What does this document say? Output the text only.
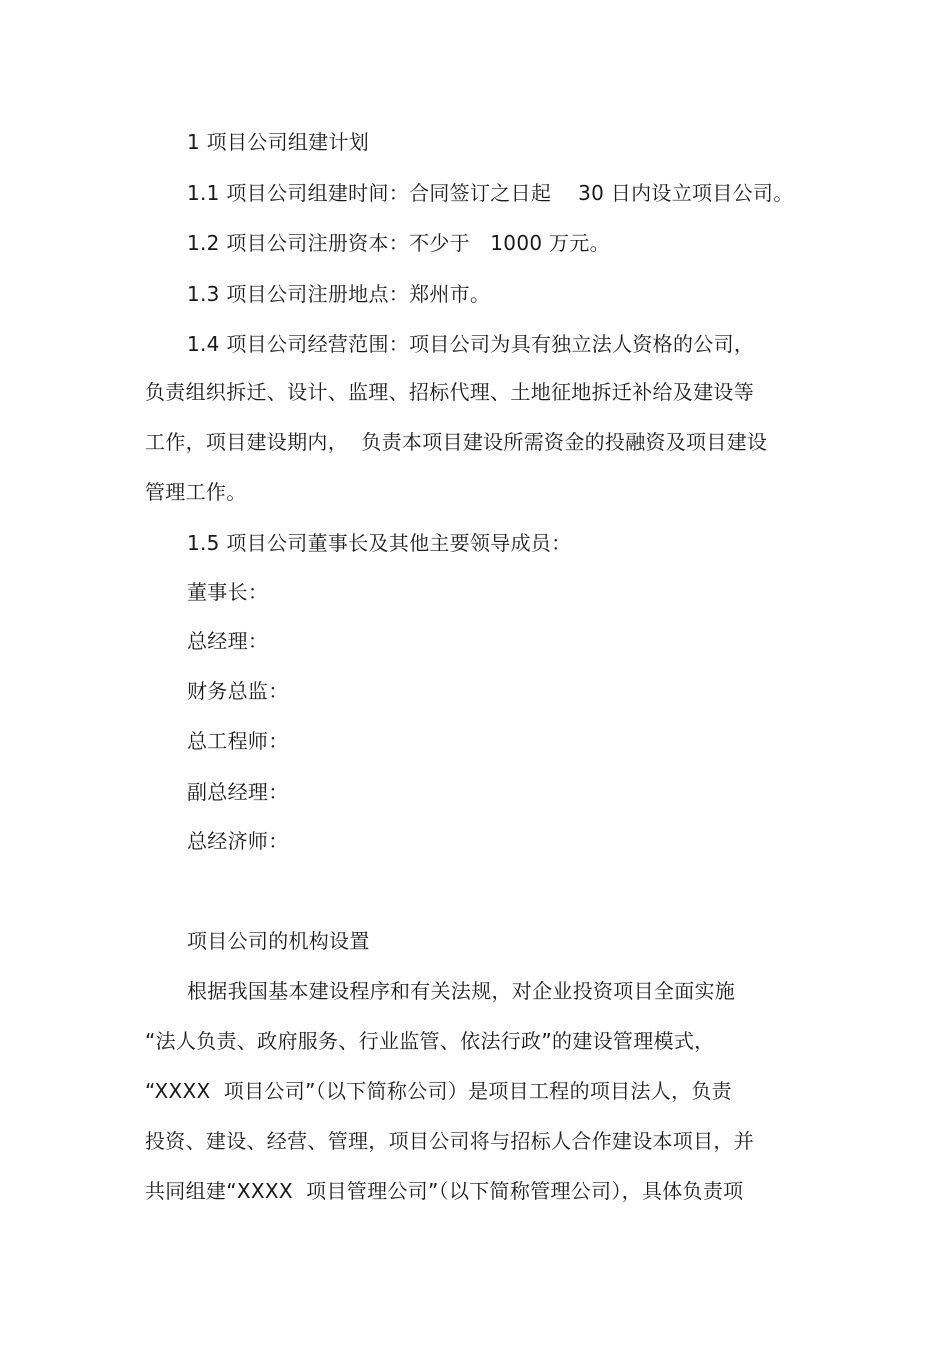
1 项目公司组建计划
1.1 项目公司组建时间：合同签订之日起　 30 日内设立项目公司。
1.2 项目公司注册资本：不少于　1000 万元。
1.3 项目公司注册地点：郑州市。
1.4 项目公司经营范围：项目公司为具有独立法人资格的公司，
负责组织拆迁、设计、监理、招标代理、土地征地拆迁补给及建设等
工作，项目建设期内，  负责本项目建设所需资金的投融资及项目建设
管理工作。
1.5 项目公司董事长及其他主要领导成员：
董事长：
总经理：
财务总监：
总工程师：
副总经理：
总经济师：
项目公司的机构设置
根据我国基本建设程序和有关法规，对企业投资项目全面实施
“法人负责、政府服务、行业监管、依法行政”的建设管理模式，
“XXXX  项目公司”（以下简称公司）是项目工程的项目法人，负责
投资、建设、经营、管理，项目公司将与招标人合作建设本项目，并
共同组建“XXXX  项目管理公司”（以下简称管理公司），具体负责项
